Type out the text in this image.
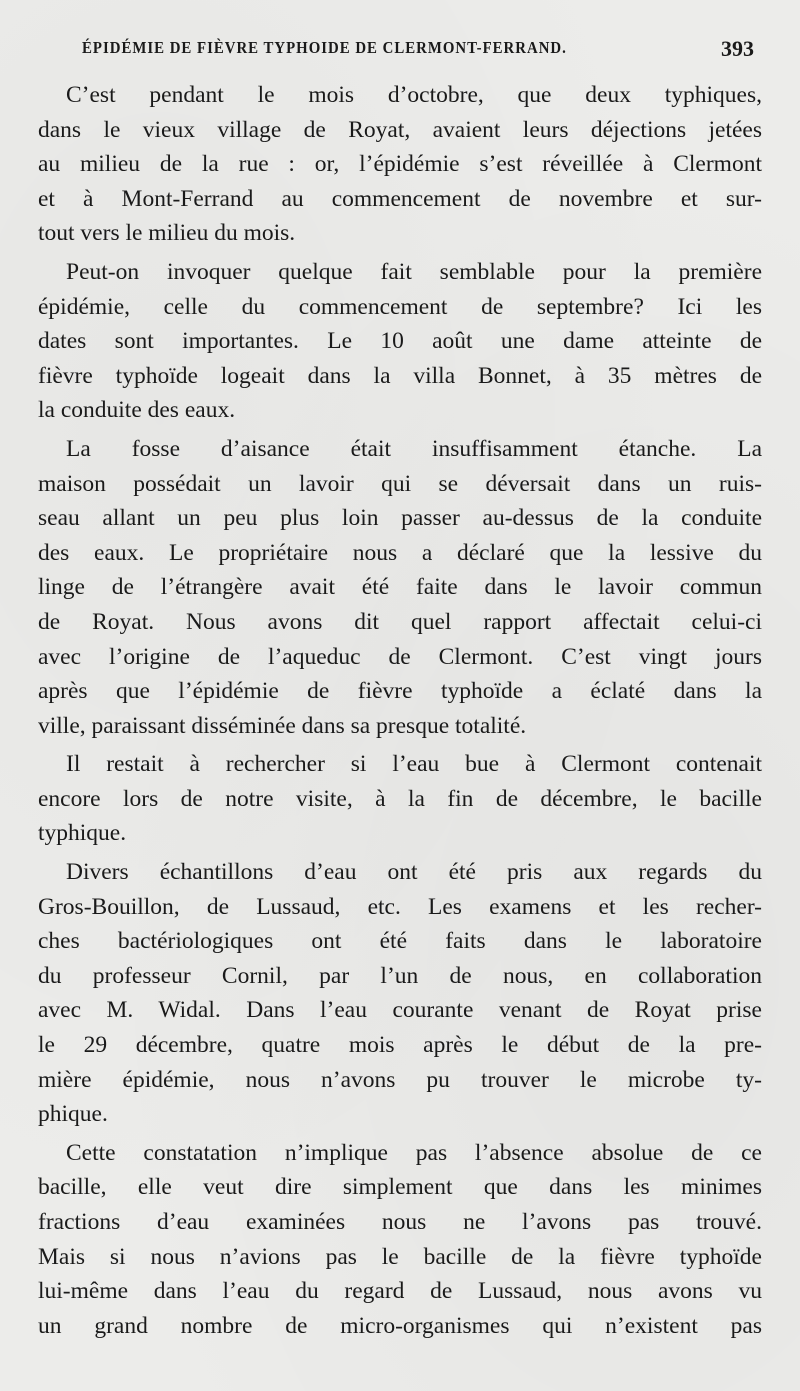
ÉPIDÉMIE DE FIÈVRE TYPHOIDE DE CLERMONT-FERRAND.	393
C’est pendant le mois d’octobre, que deux typhiques,
dans le vieux village de Royat, avaient leurs déjections jetées
au milieu de la rue : or, l’épidémie s’est réveillée à Clermont
et à Mont-Ferrand au commencement de novembre et sur-
tout vers le milieu du mois.
Peut-on invoquer quelque fait semblable pour la première
épidémie, celle du commencement de septembre? Ici les
dates sont importantes. Le 10 août une dame atteinte de
fièvre typhoïde logeait dans la villa Bonnet, à 35 mètres de
la conduite des eaux.
La fosse d’aisance était insuffisamment étanche. La
maison possédait un lavoir qui se déversait dans un ruis-
seau allant un peu plus loin passer au-dessus de la conduite
des eaux. Le propriétaire nous a déclaré que la lessive du
linge de l’étrangère avait été faite dans le lavoir commun
de Royat. Nous avons dit quel rapport affectait celui-ci
avec l’origine de l’aqueduc de Clermont. C’est vingt jours
après que l’épidémie de fièvre typhoïde a éclaté dans la
ville, paraissant disséminée dans sa presque totalité.
Il restait à rechercher si l’eau bue à Clermont contenait
encore lors de notre visite, à la fin de décembre, le bacille
typhique.
Divers échantillons d’eau ont été pris aux regards du
Gros-Bouillon, de Lussaud, etc. Les examens et les recher-
ches bactériologiques ont été faits dans le laboratoire
du professeur Cornil, par l’un de nous, en collaboration
avec M. Widal. Dans l’eau courante venant de Royat prise
le 29 décembre, quatre mois après le début de la pre-
mière épidémie, nous n’avons pu trouver le microbe ty-
phique.
Cette constatation n’implique pas l’absence absolue de ce
bacille, elle veut dire simplement que dans les minimes
fractions d’eau examinées nous ne l’avons pas trouvé.
Mais si nous n’avions pas le bacille de la fièvre typhoïde
lui-même dans l’eau du regard de Lussaud, nous avons vu
un grand nombre de micro-organismes qui n’existent pas
